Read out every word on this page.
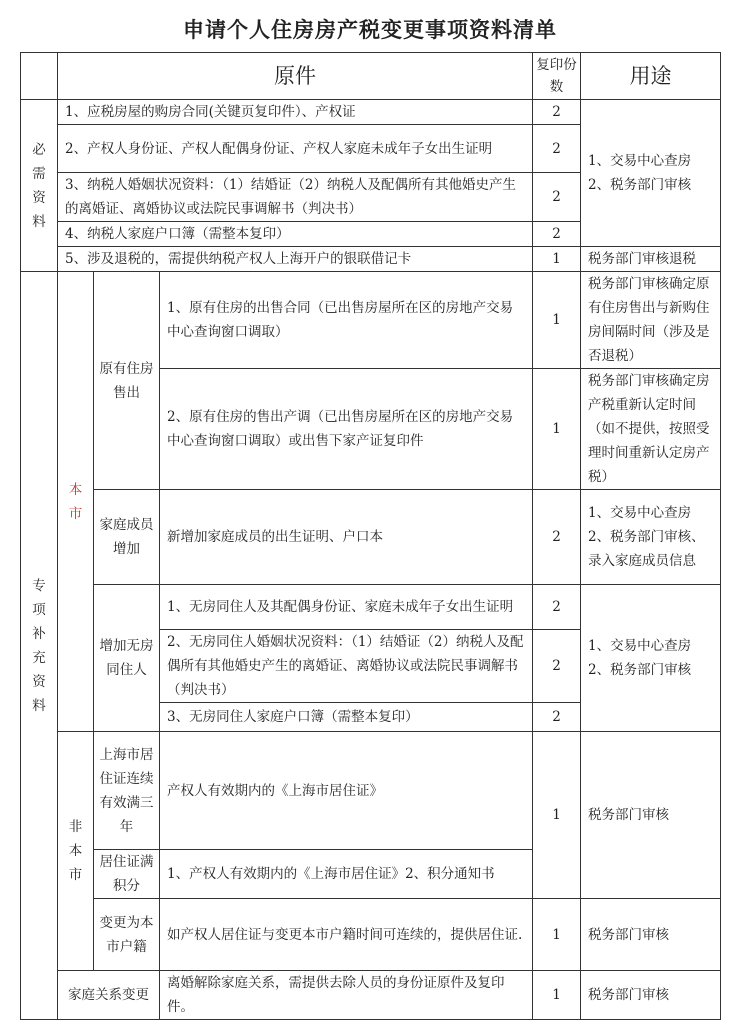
申请个人住房房产税变更事项资料清单
	原件			复印份数	用途

必需资料	1、应税房屋的购房合同(关键页复印件）、产权证			2	1、交易中心查房 2、税务部门审核
	2、产权人身份证、产权人配偶身份证、产权人家庭未成年子女出生证明			2	
	3、纳税人婚姻状况资料：（1）结婚证（2）纳税人及配偶所有其他婚史产生的离婚证、离婚协议或法院民事调解书（判决书）			2	
	4、纳税人家庭户口簿（需整本复印）			2	
	5、涉及退税的，需提供纳税产权人上海开户的银联借记卡			1	税务部门审核退税

专项补充资料	本市	原有住房售出	1、原有住房的出售合同（已出售房屋所在区的房地产交易中心查询窗口调取）	1	税务部门审核确定原有住房售出与新购住房间隔时间（涉及是否退税）
			2、原有住房的售出产调（已出售房屋所在区的房地产交易中心查询窗口调取）或出售下家产证复印件	1	税务部门审核确定房产税重新认定时间（如不提供，按照受理时间重新认定房产税）
		家庭成员增加	新增加家庭成员的出生证明、户口本	2	1、交易中心查房 2、税务部门审核、录入家庭成员信息
		增加无房同住人	1、无房同住人及其配偶身份证、家庭未成年子女出生证明	2	1、交易中心查房 2、税务部门审核
			2、无房同住人婚姻状况资料：（1）结婚证（2）纳税人及配偶所有其他婚史产生的离婚证、离婚协议或法院民事调解书（判决书）	2	
			3、无房同住人家庭户口簿（需整本复印）	2	

	非本市	上海市居住证连续有效满三年	产权人有效期内的《上海市居住证》	1	税务部门审核
		居住证满积分	1、产权人有效期内的《上海市居住证》2、积分通知书		
		变更为本市户籍	如产权人居住证与变更本市户籍时间可连续的，提供居住证.	1	税务部门审核
	家庭关系变更		离婚解除家庭关系，需提供去除人员的身份证原件及复印件。	1	税务部门审核
